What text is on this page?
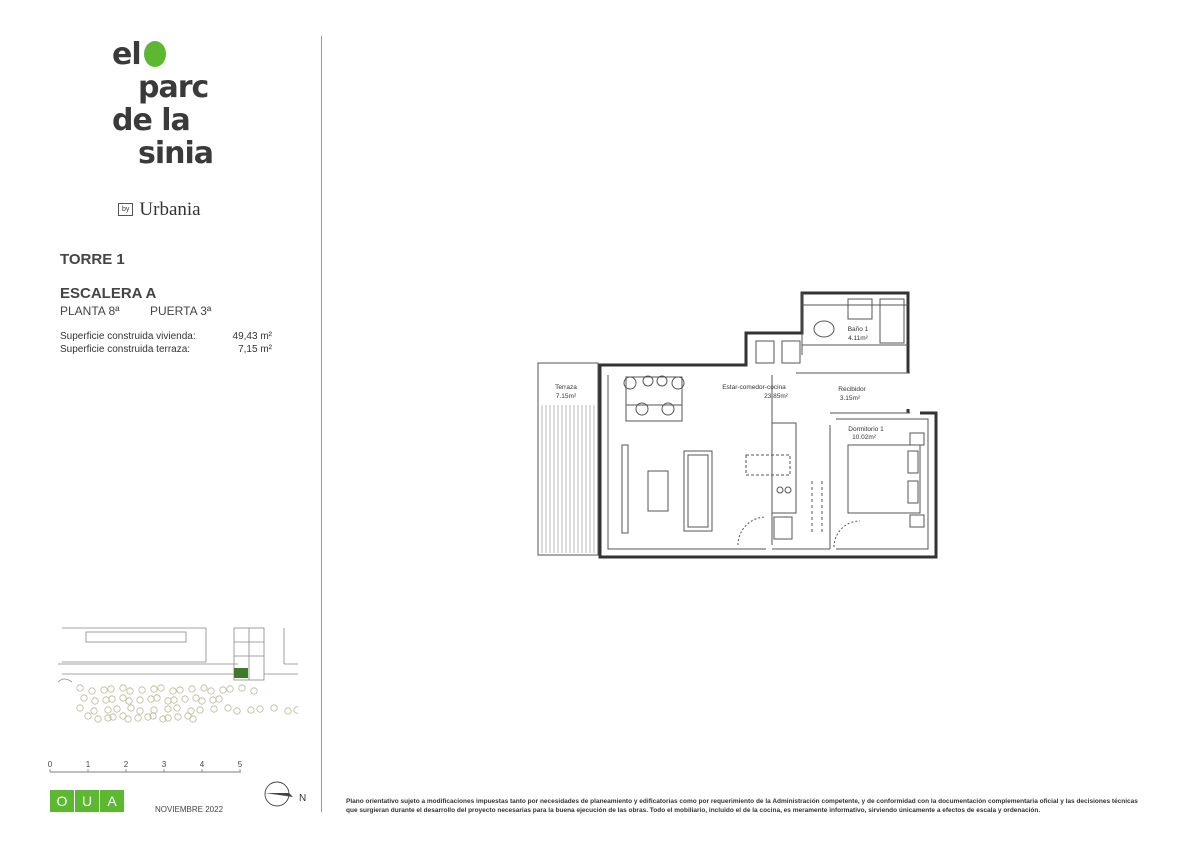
el
parc
de la
sinia
by Urbania
TORRE 1
ESCALERA A
PLANTA 8ª	PUERTA 3ª
Superficie construida vivienda:	49,43 m²
Superficie construida terraza:	7,15 m²
0	1	2	3	4	5
O	U	A
NOVIEMBRE 2022
N	Plano orientativo sujeto a modificaciones impuestas tanto por necesidades de planeamiento y edificatorias como por requerimiento de la Administración competente, y de conformidad con la documentación complementaria oficial y las decisiones técnicas que surgieran durante el desarrollo del proyecto necesarias para la buena ejecución de las obras. Todo el mobiliario, incluido el de la cocina, es meramente informativo, sirviendo únicamente a efectos de escala y ordenación.
Terraza
7.15m²
Estar-comedor-cocina
23.85m²
Recibidor
3.15m²
Baño 1
4.11m²
Dormitorio 1
10.02m²
